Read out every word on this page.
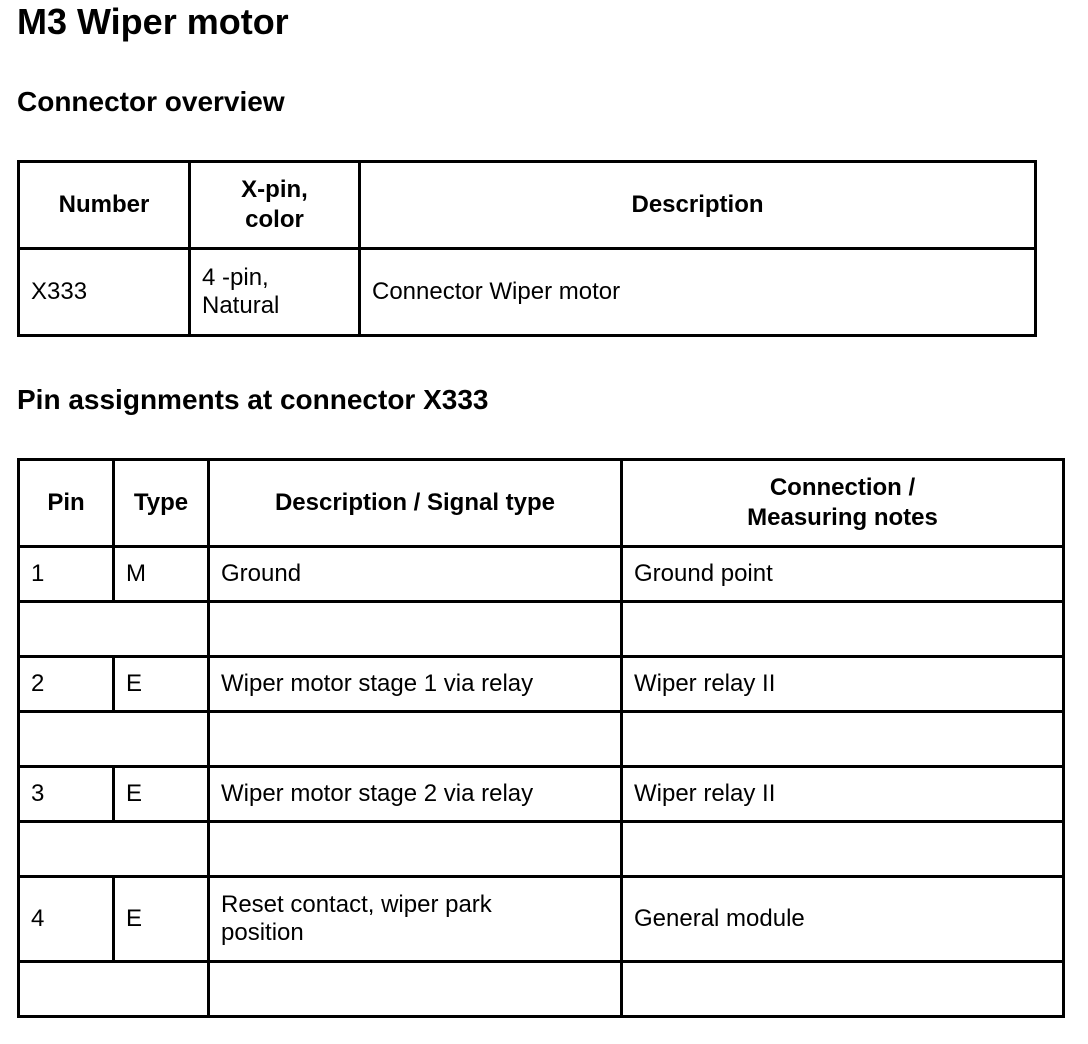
M3 Wiper motor
Connector overview
Number	X-pin, color	Description
X333	4 -pin, Natural	Connector Wiper motor
Pin assignments at connector X333
Pin	Type	Description / Signal type	Connection / Measuring notes
1	M	Ground	Ground point

2	E	Wiper motor stage 1 via relay	Wiper relay II

3	E	Wiper motor stage 2 via relay	Wiper relay II

4	E	Reset contact, wiper park position	General module
